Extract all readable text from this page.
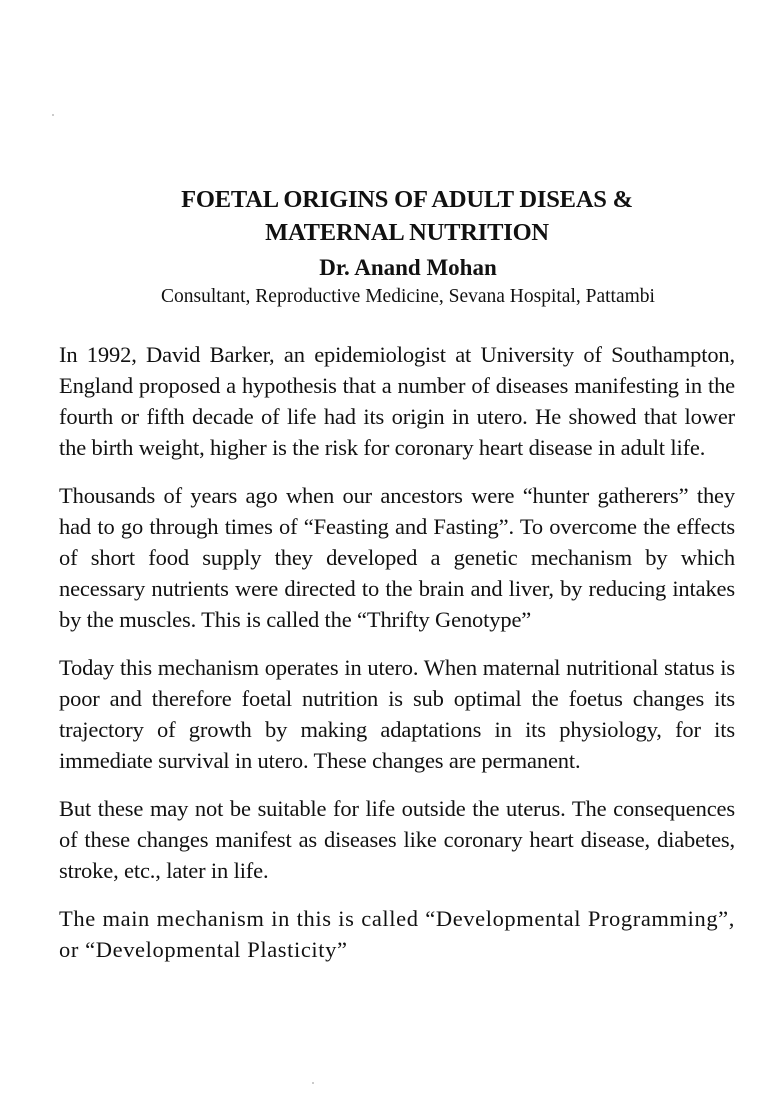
FOETAL ORIGINS OF ADULT DISEAS &
MATERNAL NUTRITION

Dr. Anand Mohan

Consultant, Reproductive Medicine, Sevana Hospital, Pattambi

In 1992, David Barker, an epidemiologist at University of Southampton, England proposed a hypothesis that a number of diseases manifesting in the fourth or fifth decade of life had its origin in utero. He showed that lower the birth weight, higher is the risk for coronary heart disease in adult life.

Thousands of years ago when our ancestors were “hunter gatherers” they had to go through times of “Feasting and Fasting”. To overcome the effects of short food supply they developed a genetic mechanism by which necessary nutrients were directed to the brain and liver, by reducing intakes by the muscles. This is called the “Thrifty Genotype”

Today this mechanism operates in utero. When maternal nutritional status is poor and therefore foetal nutrition is sub optimal the foetus changes its trajectory of growth by making adaptations in its physiology, for its immediate survival in utero. These changes are permanent.

But these may not be suitable for life outside the uterus. The consequences of these changes manifest as diseases like coronary heart disease, diabetes, stroke, etc., later in life.

The main mechanism in this is called “Developmental Programming”, or “Developmental Plasticity”
